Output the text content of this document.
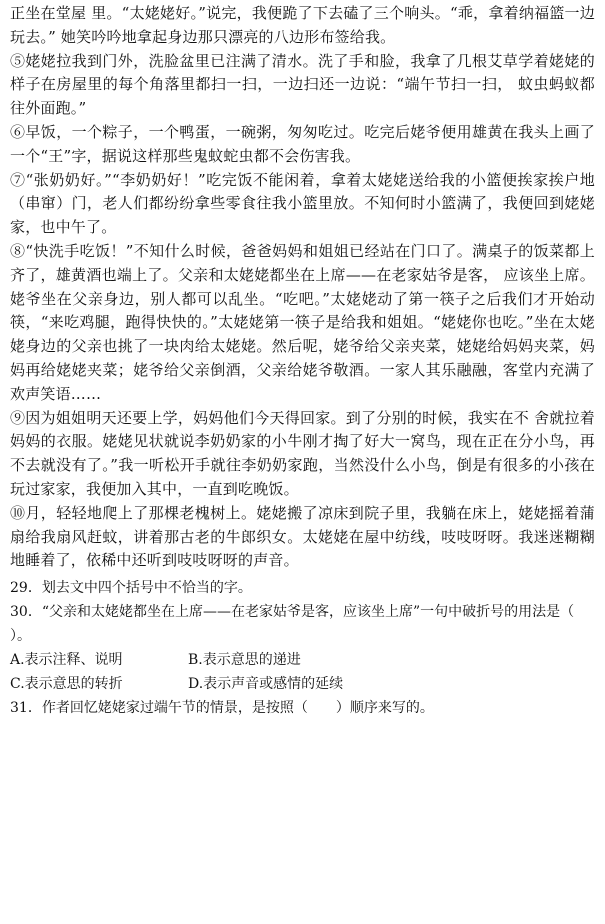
正坐在堂屋 里。“太姥姥好。”说完，我便跪了下去磕了三个响头。“乖，拿着纳福篮一边玩去。” 她笑吟吟地拿起身边那只漂亮的八边形布签给我。

⑤姥姥拉我到门外，洗脸盆里已注满了清水。洗了手和脸，我拿了几根艾草学着姥姥的样子在房屋里的每个角落里都扫一扫，一边扫还一边说：“端午节扫一扫， 蚊虫蚂蚁都往外面跑。”

⑥早饭，一个粽子，一个鸭蛋，一碗粥，匆匆吃过。吃完后姥爷便用雄黄在我头上画了一个“王”字，据说这样那些鬼蚊蛇虫都不会伤害我。

⑦“张奶奶好。”“李奶奶好！”吃完饭不能闲着，拿着太姥姥送给我的小篮便挨家挨户地（串窜）门，老人们都纷纷拿些零食往我小篮里放。不知何时小篮满了，我便回到姥姥家，也中午了。

⑧“快洗手吃饭！”不知什么时候，爸爸妈妈和姐姐已经站在门口了。满桌子的饭菜都上齐了，雄黄酒也端上了。父亲和太姥姥都坐在上席——在老家姑爷是客， 应该坐上席。姥爷坐在父亲身边，别人都可以乱坐。“吃吧。”太姥姥动了第一筷子之后我们才开始动筷，“来吃鸡腿，跑得快快的。”太姥姥第一筷子是给我和姐姐。“姥姥你也吃。”坐在太姥姥身边的父亲也挑了一块肉给太姥姥。然后呢，姥爷给父亲夹菜，姥姥给妈妈夹菜，妈妈再给姥姥夹菜；姥爷给父亲倒酒，父亲给姥爷敬酒。一家人其乐融融，客堂内充满了欢声笑语……

⑨因为姐姐明天还要上学，妈妈他们今天得回家。到了分别的时候，我实在不 舍就拉着妈妈的衣服。姥姥见状就说李奶奶家的小牛刚才掏了好大一窝鸟，现在正在分小鸟，再不去就没有了。”我一听松开手就往李奶奶家跑，当然没什么小鸟，倒是有很多的小孩在玩过家家，我便加入其中，一直到吃晚饭。

⑩月，轻轻地爬上了那棵老槐树上。姥姥搬了凉床到院子里，我躺在床上，姥姥摇着蒲扇给我扇风赶蚊，讲着那古老的牛郎织女。太姥姥在屋中纺线，吱吱呀呀。我迷迷糊糊地睡着了，依稀中还听到吱吱呀呀的声音。

29．划去文中四个括号中不恰当的字。

30．“父亲和太姥姥都坐在上席——在老家姑爷是客，应该坐上席”一句中破折号的用法是（　　）。

A.表示注释、说明	B.表示意思的递进
C.表示意思的转折	D.表示声音或感情的延续

31．作者回忆姥姥家过端午节的情景，是按照（　　）顺序来写的。
